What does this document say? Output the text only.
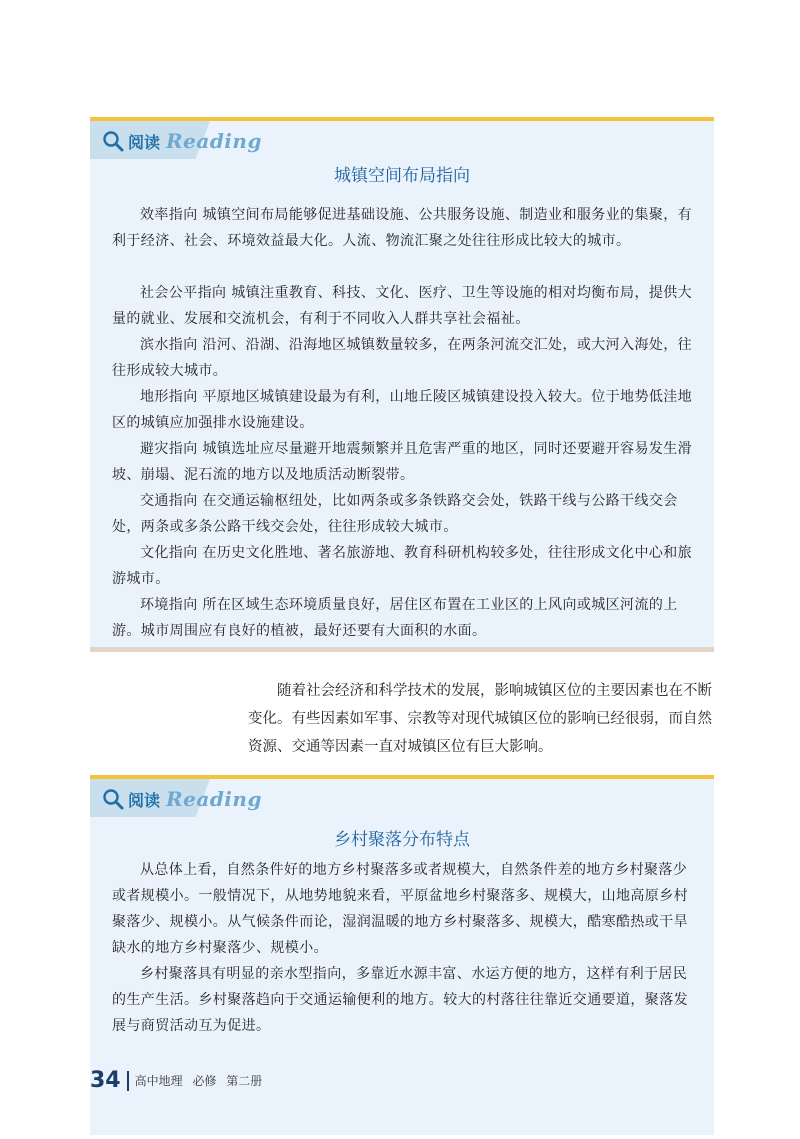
阅读 Reading
城镇空间布局指向
效率指向 城镇空间布局能够促进基础设施、公共服务设施、制造业和服务业的集聚，有利于经济、社会、环境效益最大化。人流、物流汇聚之处往往形成比较大的城市。
社会公平指向 城镇注重教育、科技、文化、医疗、卫生等设施的相对均衡布局，提供大量的就业、发展和交流机会，有利于不同收入人群共享社会福祉。
滨水指向 沿河、沿湖、沿海地区城镇数量较多，在两条河流交汇处，或大河入海处，往往形成较大城市。
地形指向 平原地区城镇建设最为有利，山地丘陵区城镇建设投入较大。位于地势低洼地区的城镇应加强排水设施建设。
避灾指向 城镇选址应尽量避开地震频繁并且危害严重的地区，同时还要避开容易发生滑坡、崩塌、泥石流的地方以及地质活动断裂带。
交通指向 在交通运输枢纽处，比如两条或多条铁路交会处，铁路干线与公路干线交会处，两条或多条公路干线交会处，往往形成较大城市。
文化指向 在历史文化胜地、著名旅游地、教育科研机构较多处，往往形成文化中心和旅游城市。
环境指向 所在区域生态环境质量良好，居住区布置在工业区的上风向或城区河流的上游。城市周围应有良好的植被，最好还要有大面积的水面。
随着社会经济和科学技术的发展，影响城镇区位的主要因素也在不断变化。有些因素如军事、宗教等对现代城镇区位的影响已经很弱，而自然资源、交通等因素一直对城镇区位有巨大影响。
阅读 Reading
乡村聚落分布特点
从总体上看，自然条件好的地方乡村聚落多或者规模大，自然条件差的地方乡村聚落少或者规模小。一般情况下，从地势地貌来看，平原盆地乡村聚落多、规模大，山地高原乡村聚落少、规模小。从气候条件而论，湿润温暖的地方乡村聚落多、规模大，酷寒酷热或干旱缺水的地方乡村聚落少、规模小。
乡村聚落具有明显的亲水型指向，多靠近水源丰富、水运方便的地方，这样有利于居民的生产生活。乡村聚落趋向于交通运输便利的地方。较大的村落往往靠近交通要道，聚落发展与商贸活动互为促进。
34 高中地理 必修 第二册
